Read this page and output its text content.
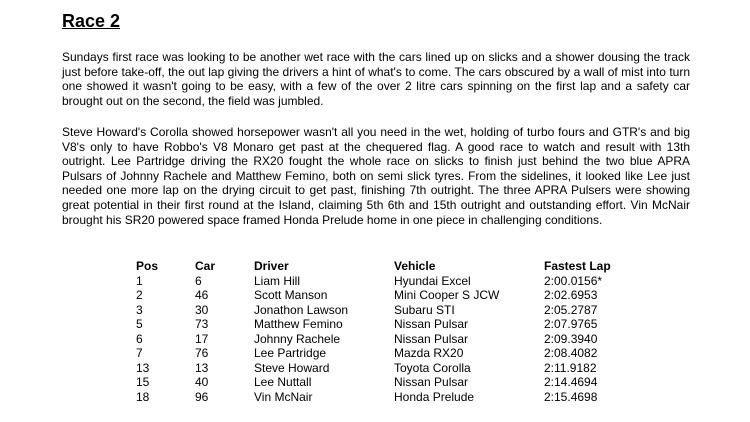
Race 2

Sundays first race was looking to be another wet race with the cars lined up on slicks and a shower dousing the track just before take-off, the out lap giving the drivers a hint of what's to come. The cars obscured by a wall of mist into turn one showed it wasn't going to be easy, with a few of the over 2 litre cars spinning on the first lap and a safety car brought out on the second, the field was jumbled.

Steve Howard's Corolla showed horsepower wasn't all you need in the wet, holding of turbo fours and GTR's and big V8's only to have Robbo's V8 Monaro get past at the chequered flag. A good race to watch and result with 13th outright. Lee Partridge driving the RX20 fought the whole race on slicks to finish just behind the two blue APRA Pulsars of Johnny Rachele and Matthew Femino, both on semi slick tyres. From the sidelines, it looked like Lee just needed one more lap on the drying circuit to get past, finishing 7th outright. The three APRA Pulsers were showing great potential in their first round at the Island, claiming 5th 6th and 15th outright and outstanding effort. Vin McNair brought his SR20 powered space framed Honda Prelude home in one piece in challenging conditions.

Pos	Car	Driver	Vehicle	Fastest Lap
1	6	Liam Hill	Hyundai Excel	2:00.0156*
2	46	Scott Manson	Mini Cooper S JCW	2:02.6953
3	30	Jonathon Lawson	Subaru STI	2:05.2787
5	73	Matthew Femino	Nissan Pulsar	2:07.9765
6	17	Johnny Rachele	Nissan Pulsar	2:09.3940
7	76	Lee Partridge	Mazda RX20	2:08.4082
13	13	Steve Howard	Toyota Corolla	2:11.9182
15	40	Lee Nuttall	Nissan Pulsar	2:14.4694
18	96	Vin McNair	Honda Prelude	2:15.4698
